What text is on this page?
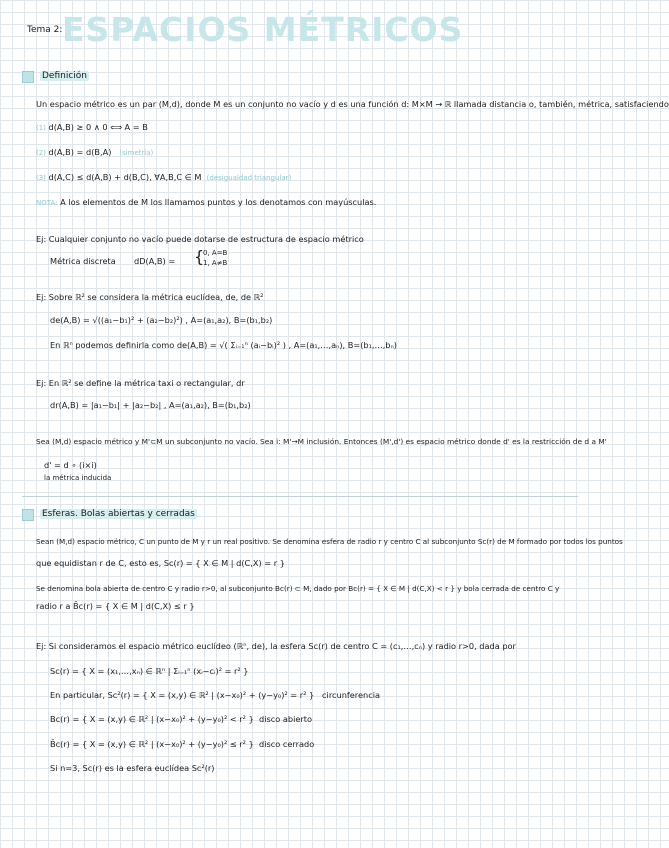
Tema 2: ESPACIOS MÉTRICOS
Definición
Un espacio métrico es un par (M,d), donde M es un conjunto no vacío y d es una función d: M×M → ℝ llamada distancia o, también, métrica, satisfaciendo
(1) d(A,B) ≥ 0 ∧ 0 ⟺ A = B
(2) d(A,B) = d(B,A) (simetría)
(3) d(A,C) ≤ d(A,B) + d(B,C), ∀A,B,C ∈ M (desigualdad triangular)
NOTA: A los elementos de M los llamamos puntos y los denotamos con mayúsculas.
Ej: Cualquier conjunto no vacío puede dotarse de estructura de espacio métrico
Métrica discreta dD(A,B) = {
0, A=B
1, A≠B
Ej: Sobre ℝ² se considera la métrica euclídea, de, de ℝ²
de(A,B) = √((a₁−b₁)² + (a₂−b₂)²) , A=(a₁,a₂), B=(b₁,b₂)
En ℝⁿ podemos definirla como de(A,B) = √( Σᵢ₌₁ⁿ (aᵢ−bᵢ)² ) , A=(a₁,…,aₙ), B=(b₁,…,bₙ)
Ej: En ℝ² se define la métrica taxi o rectangular, dr
dr(A,B) = |a₁−b₁| + |a₂−b₂| , A=(a₁,a₂), B=(b₁,b₂)
Sea (M,d) espacio métrico y M'⊂M un subconjunto no vacío. Sea i: M'→M inclusión. Entonces (M',d') es espacio métrico donde d' es la restricción de d a M'
d' = d ∘ (i×i)
la métrica inducida
Esferas. Bolas abiertas y cerradas
Sean (M,d) espacio métrico, C un punto de M y r un real positivo. Se denomina esfera de radio r y centro C al subconjunto Sc(r) de M formado por todos los puntos
que equidistan r de C, esto es, Sc(r) = { X ∈ M | d(C,X) = r }
Se denomina bola abierta de centro C y radio r>0, al subconjunto Bc(r) ⊂ M, dado por Bc(r) = { X ∈ M | d(C,X) < r } y bola cerrada de centro C y
radio r a B̄c(r) = { X ∈ M | d(C,X) ≤ r }
Ej: Si consideramos el espacio métrico euclídeo (ℝⁿ, de), la esfera Sc(r) de centro C = (c₁,…,cₙ) y radio r>0, dada por
Sc(r) = { X = (x₁,…,xₙ) ∈ ℝⁿ | Σᵢ₌₁ⁿ (xᵢ−cᵢ)² = r² }
En particular, Sc²(r) = { X = (x,y) ∈ ℝ² | (x−x₀)² + (y−y₀)² = r² } circunferencia
Bc(r) = { X = (x,y) ∈ ℝ² | (x−x₀)² + (y−y₀)² < r² } disco abierto
B̄c(r) = { X = (x,y) ∈ ℝ² | (x−x₀)² + (y−y₀)² ≤ r² } disco cerrado
Si n=3, Sc(r) es la esfera euclídea Sc²(r)
